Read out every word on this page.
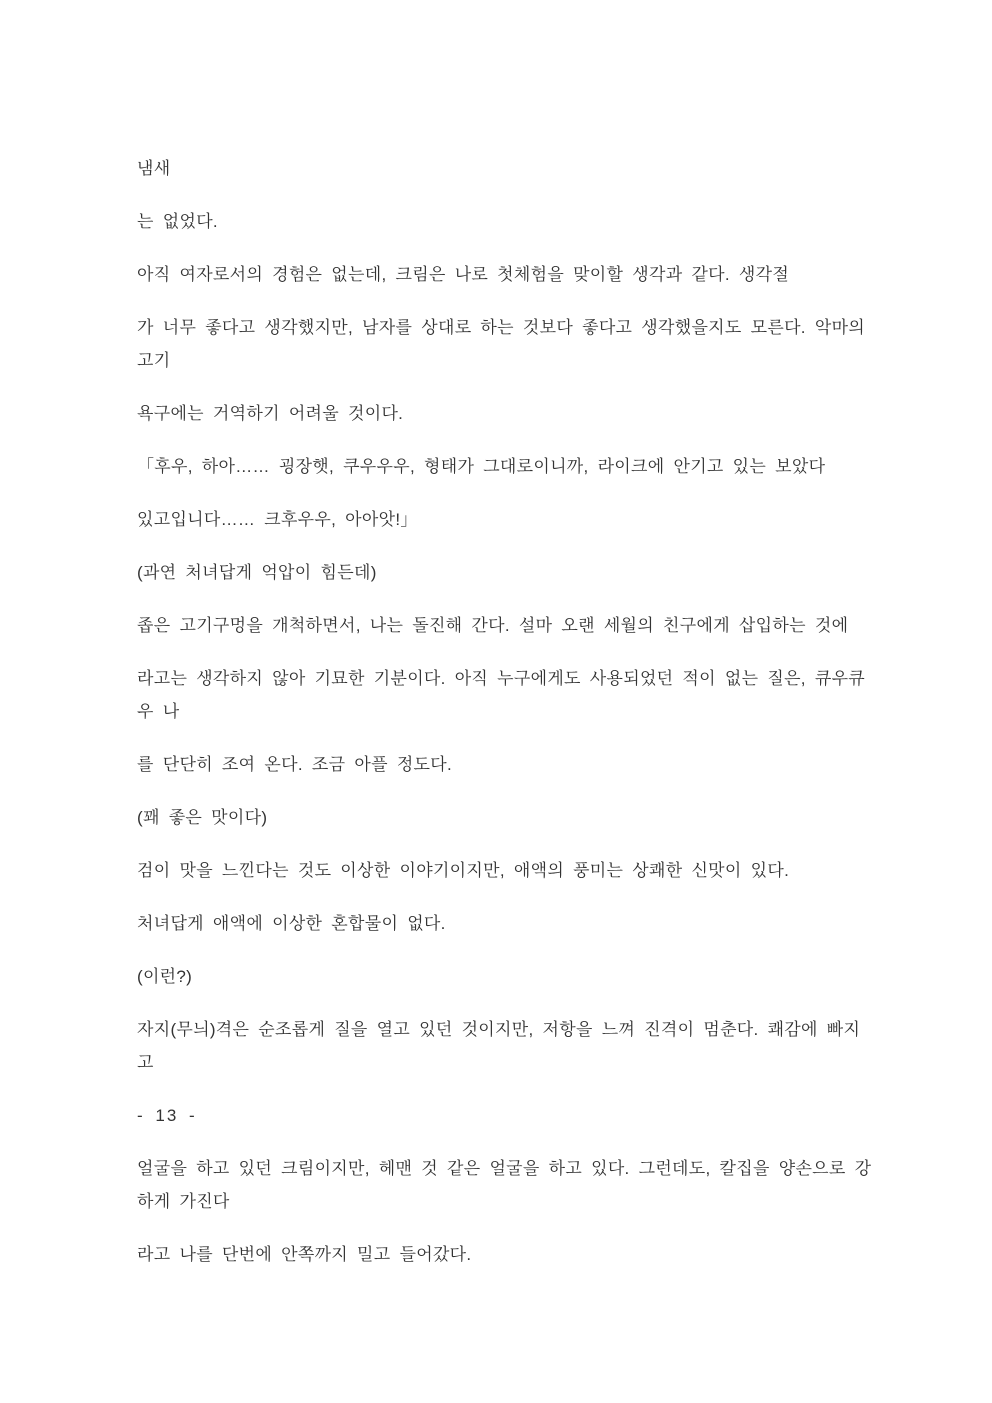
냄새
는 없었다.
아직 여자로서의 경험은 없는데, 크림은 나로 첫체험을 맞이할 생각과 같다. 생각절
가 너무 좋다고 생각했지만, 남자를 상대로 하는 것보다 좋다고 생각했을지도 모른다. 악마의
고기
욕구에는 거역하기 어려울 것이다.
「후우, 하아…… 굉장햇, 쿠우우우, 형태가 그대로이니까, 라이크에 안기고 있는 보았다
있고입니다…… 크후우우, 아아앗!」
(과연 처녀답게 억압이 힘든데)
좁은 고기구멍을 개척하면서, 나는 돌진해 간다. 설마 오랜 세월의 친구에게 삽입하는 것에
라고는 생각하지 않아 기묘한 기분이다. 아직 누구에게도 사용되었던 적이 없는 질은, 큐우큐
우 나
를 단단히 조여 온다. 조금 아플 정도다.
(꽤 좋은 맛이다)
검이 맛을 느낀다는 것도 이상한 이야기이지만, 애액의 풍미는 상쾌한 신맛이 있다.
처녀답게 애액에 이상한 혼합물이 없다.
(이런?)
자지(무늬)격은 순조롭게 질을 열고 있던 것이지만, 저항을 느껴 진격이 멈춘다. 쾌감에 빠지
고
- 13 -
얼굴을 하고 있던 크림이지만, 헤맨 것 같은 얼굴을 하고 있다. 그런데도, 칼집을 양손으로 강
하게 가진다
라고 나를 단번에 안쪽까지 밀고 들어갔다.
